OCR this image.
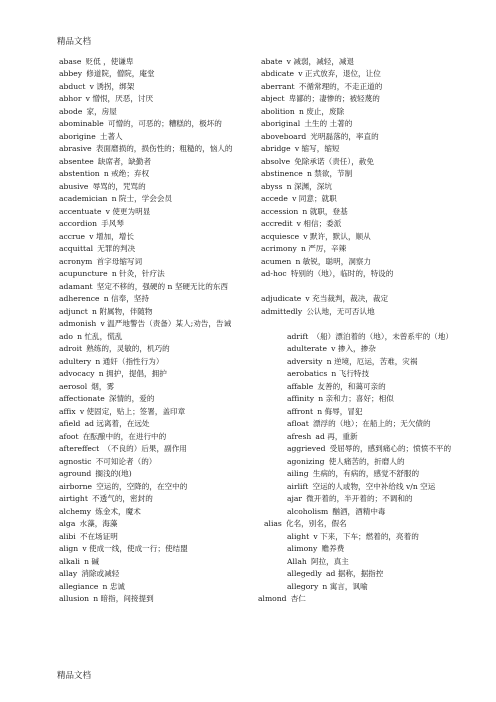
精品文档
abase 贬低 ，使谦卑	abate v 减弱，减轻，减退
abbey 修道院，僧院，庵堂	abdicate v 正式放弃，退位，让位
abduct v 诱拐，绑架	aberrant 不循常理的，不走正道的
abhor v 憎恨，厌恶，讨厌	abject 卑鄙的；凄惨的；被轻蔑的
abode 家，房屋	abolition n 废止，废除
abominable 可憎的，可恶的；糟糕的，极坏的	aboriginal 土生的 土著的
aborigine 土著人	aboveboard 光明磊落的，率直的
abrasive 表面磨损的，损伤性的；粗糙的，恼人的	abridge v 缩写，缩短
absentee 缺席者，缺勤者	absolve 免除承诺（责任），赦免
abstention n 戒绝；弃权	abstinence n 禁欲，节制
abusive 辱骂的，咒骂的	abyss n 深渊，深坑
academician n 院士，学会会员	accede v 同意；就职
accentuate v 使更为明显	accession n 就职，登基
accordion 手风琴	accredit v 相信；委派
accrue v 增加，增长	acquiesce v 默许，默认，顺从
acquittal 无罪的判决	acrimony n 严厉，辛辣
acronym 首字母缩写词	acumen n 敏锐，聪明，洞察力
acupuncture n 针灸，针疗法	ad-hoc 特别的（地），临时的，特设的
adamant 坚定不移的，强硬的 n 坚硬无比的东西
adherence n 信奉，坚持	adjudicate v 充当裁判，裁决，裁定
adjunct n 附属物，伴随物	admittedly 公认地，无可否认地
admonish v 温严地警告（责备）某人;劝告，告诫
ado n 忙乱，慌乱	adrift （船）漂泊着的（地），未曾系牢的（地）
adroit 熟练的，灵敏的，机巧的	adulterate v 掺入，掺杂
adultery n 通奸（指性行为）	adversity n 逆境，厄运，苦难，灾祸
advocacy n 拥护，提倡，拥护	aerobatics n 飞行特技
aerosol 烟，雾	affable 友善的，和蔼可亲的
affectionate 深情的，爱的	affinity n 亲和力；喜好；相似
affix v 使固定，贴上；签署，盖印章	affront n 侮辱，冒犯
afield ad 远离着，在远处	afloat 漂浮的（地）；在船上的；无欠债的
afoot 在酝酿中的，在进行中的	afresh ad 再，重新
aftereffect （不良的）后果，副作用	aggrieved 受屈辱的，感到痛心的；愤愤不平的
agnostic 不可知论者（的）	agonizing 使人痛苦的，折磨人的
aground 搁浅的(地)	ailing 生病的，有病的，感觉不舒服的
airborne 空运的，空降的，在空中的	airlift 空运的人或物，空中补给线 v/n 空运
airtight 不透气的，密封的	ajar 微开着的，半开着的；不调和的
alchemy 炼金术，魔术	alcoholism 酗酒，酒精中毒
alga 水藻，海藻	alias 化名，别名，假名
alibi 不在场证明	alight v 下来，下车；燃着的，亮着的
align v 使成一线，使成一行；使结盟	alimony 赡养费
alkali n 碱	Allah 阿拉，真主
allay 消除或减轻	allegedly ad 据称，据指控
allegiance n 忠诚	allegory n 寓言，讽喻
allusion n 暗指，间接提到	almond 杏仁
精品文档
